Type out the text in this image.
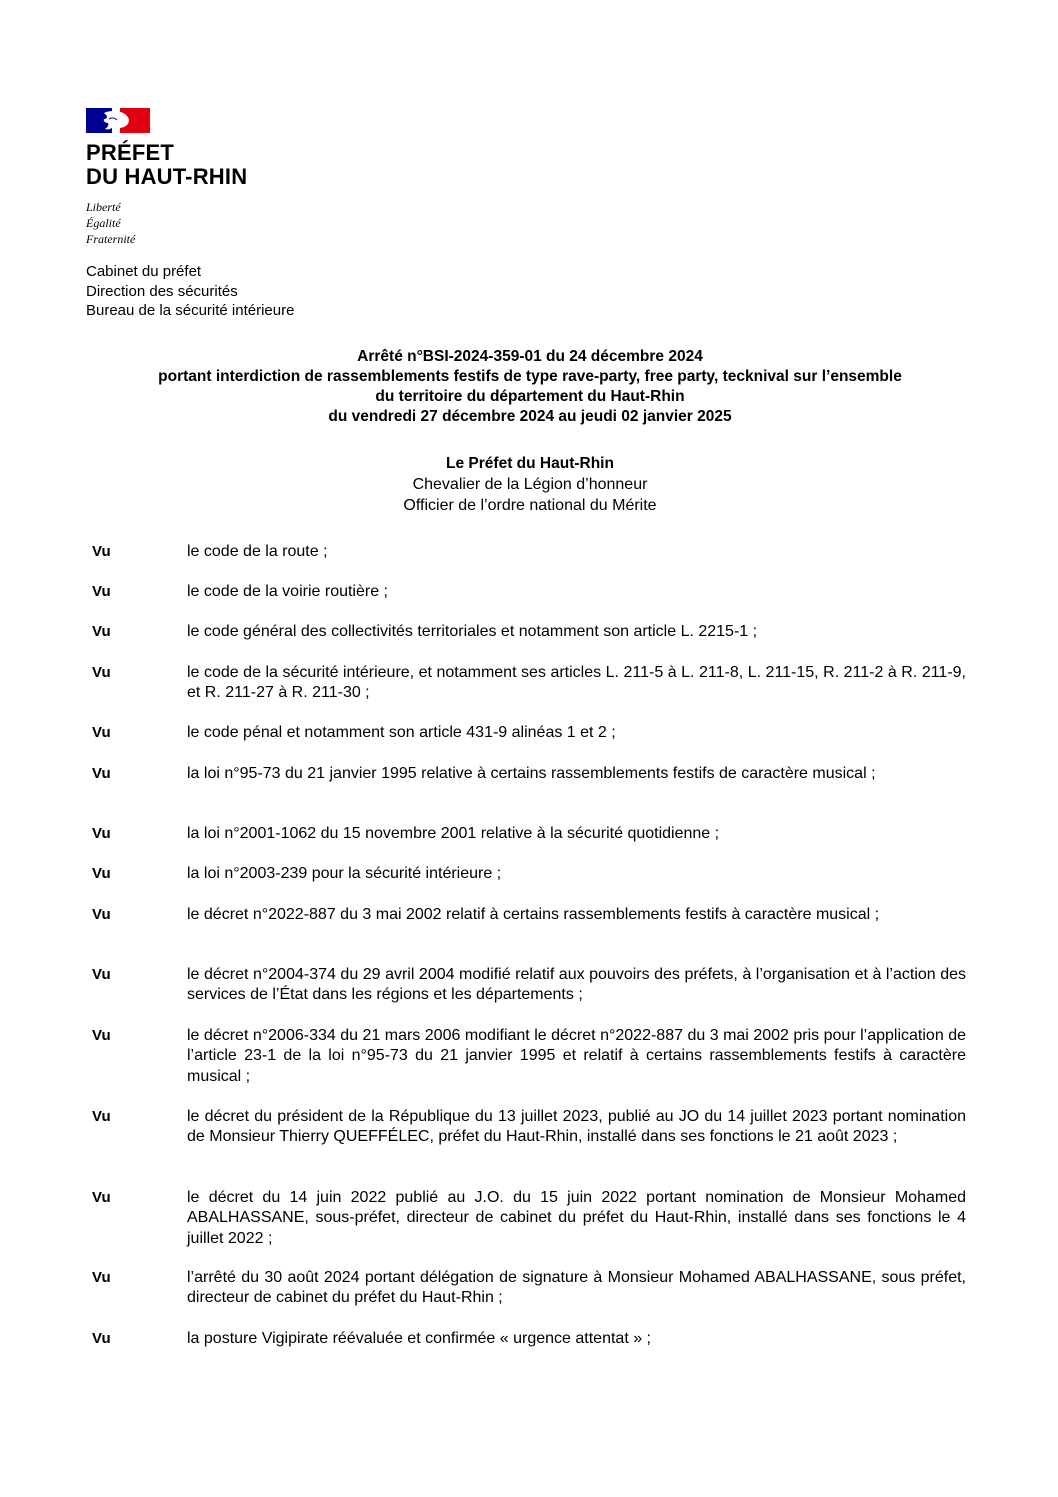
PRÉFET
DU HAUT-RHIN
Liberté
Égalité
Fraternité
Cabinet du préfet
Direction des sécurités
Bureau de la sécurité intérieure
Arrêté n°BSI-2024-359-01 du 24 décembre 2024
portant interdiction de rassemblements festifs de type rave-party, free party, tecknival sur l’ensemble
du territoire du département du Haut-Rhin
du vendredi 27 décembre 2024 au jeudi 02 janvier 2025
Le Préfet du Haut-Rhin
Chevalier de la Légion d’honneur
Officier de l’ordre national du Mérite
Vu	le code de la route ;
Vu	le code de la voirie routière ;
Vu	le code général des collectivités territoriales et notamment son article L. 2215-1 ;
Vu	le code de la sécurité intérieure, et notamment ses articles L. 211-5 à L. 211-8, L. 211-15, R. 211-2 à R. 211-9, et R. 211-27 à R. 211-30 ;
Vu	le code pénal et notamment son article 431-9 alinéas 1 et 2 ;
Vu	la loi n°95-73 du 21 janvier 1995 relative à certains rassemblements festifs de caractère musical ;
Vu	la loi n°2001-1062 du 15 novembre 2001 relative à la sécurité quotidienne ;
Vu	la loi n°2003-239 pour la sécurité intérieure ;
Vu	le décret n°2022-887 du 3 mai 2002 relatif à certains rassemblements festifs à caractère musical ;
Vu	le décret n°2004-374 du 29 avril 2004 modifié relatif aux pouvoirs des préfets, à l’organisation et à l’action des services de l’État dans les régions et les départements ;
Vu	le décret n°2006-334 du 21 mars 2006 modifiant le décret n°2022-887 du 3 mai 2002 pris pour l’application de l’article 23-1 de la loi n°95-73 du 21 janvier 1995 et relatif à certains rassemblements festifs à caractère musical ;
Vu	le décret du président de la République du 13 juillet 2023, publié au JO du 14 juillet 2023 portant nomination de Monsieur Thierry QUEFFÉLEC, préfet du Haut-Rhin, installé dans ses fonctions le 21 août 2023 ;
Vu	le décret du 14 juin 2022 publié au J.O. du 15 juin 2022 portant nomination de Monsieur Mohamed ABALHASSANE, sous-préfet, directeur de cabinet du préfet du Haut-Rhin, installé dans ses fonctions le 4 juillet 2022 ;
Vu	l’arrêté du 30 août 2024 portant délégation de signature à Monsieur Mohamed ABALHASSANE, sous préfet, directeur de cabinet du préfet du Haut-Rhin ;
Vu	la posture Vigipirate réévaluée et confirmée « urgence attentat » ;
